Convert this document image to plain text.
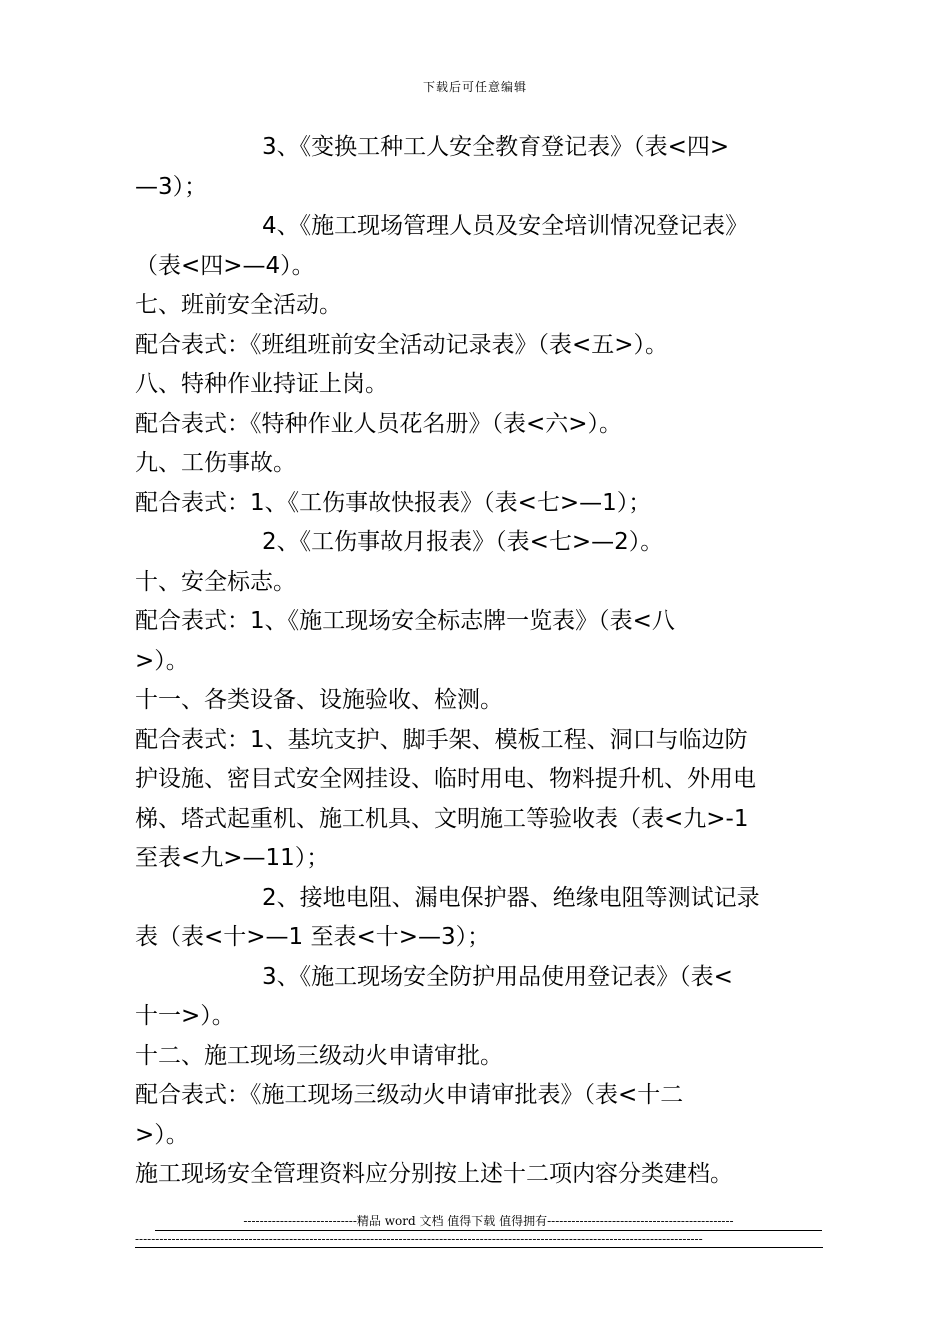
下载后可任意编辑
3、《变换工种工人安全教育登记表》（表<四>
—3）；
4、《施工现场管理人员及安全培训情况登记表》
（表<四>—4）。
七、班前安全活动。
配合表式：《班组班前安全活动记录表》（表<五>）。
八、特种作业持证上岗。
配合表式：《特种作业人员花名册》（表<六>）。
九、工伤事故。
配合表式：1、《工伤事故快报表》（表<七>—1）；
2、《工伤事故月报表》（表<七>—2）。
十、安全标志。
配合表式：1、《施工现场安全标志牌一览表》（表<八
>）。
十一、各类设备、设施验收、检测。
配合表式：1、基坑支护、脚手架、模板工程、洞口与临边防
护设施、密目式安全网挂设、临时用电、物料提升机、外用电
梯、塔式起重机、施工机具、文明施工等验收表（表<九>-1
至表<九>—11）；
2、接地电阻、漏电保护器、绝缘电阻等测试记录
表（表<十>—1 至表<十>—3）；
3、《施工现场安全防护用品使用登记表》（表<
十一>）。
十二、施工现场三级动火申请审批。
配合表式：《施工现场三级动火申请审批表》（表<十二
>）。
施工现场安全管理资料应分别按上述十二项内容分类建档。
----------------------------精品 word 文档 值得下载 值得拥有----------------------------------------------
--------------------------------------------------------------------------------------------------------------------------------------------
